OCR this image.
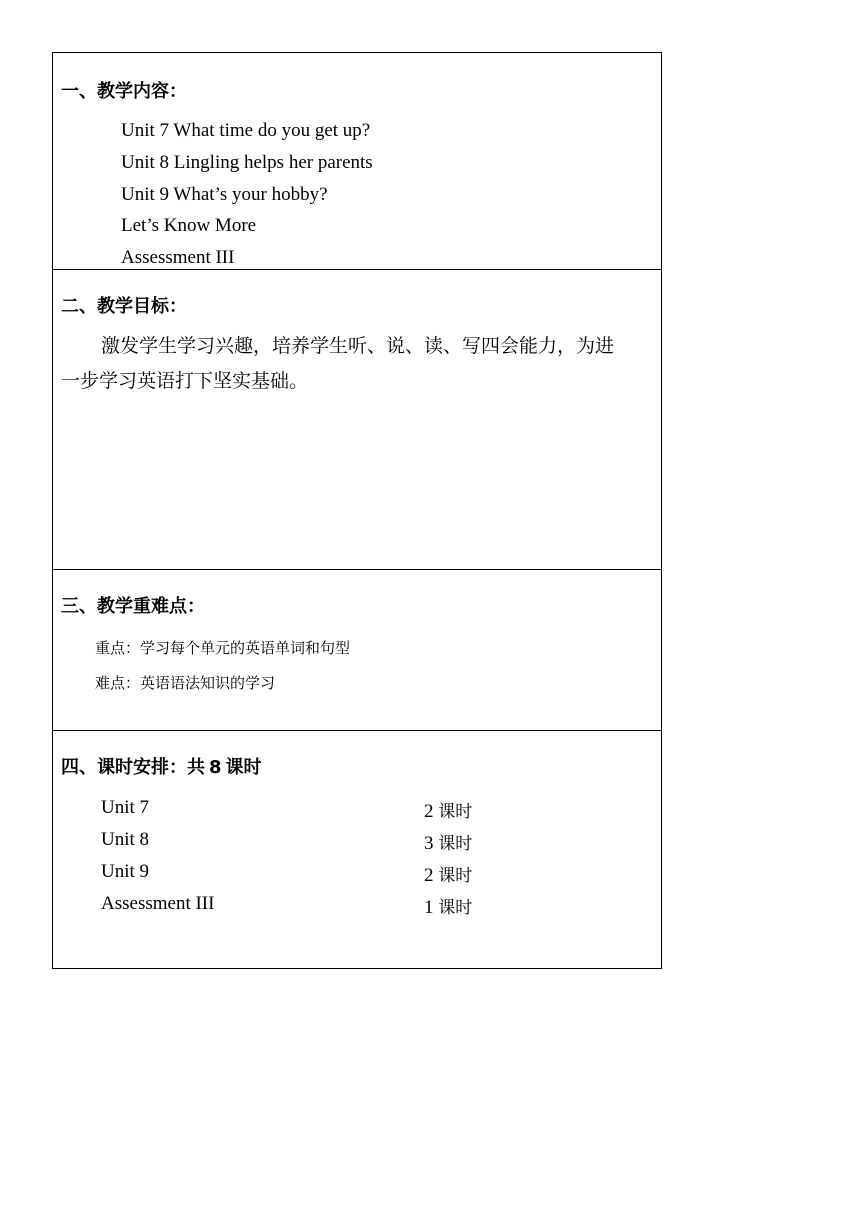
一、教学内容：
Unit 7 What time do you get up?
Unit 8 Lingling helps her parents
Unit 9 What’s your hobby?
Let’s Know More
Assessment III
二、教学目标：
激发学生学习兴趣，培养学生听、说、读、写四会能力，为进
一步学习英语打下坚实基础。
三、教学重难点：
重点：学习每个单元的英语单词和句型
难点：英语语法知识的学习
四、课时安排：共 8 课时
Unit 7	2 课时
Unit 8	3 课时
Unit 9	2 课时
Assessment III	1 课时
